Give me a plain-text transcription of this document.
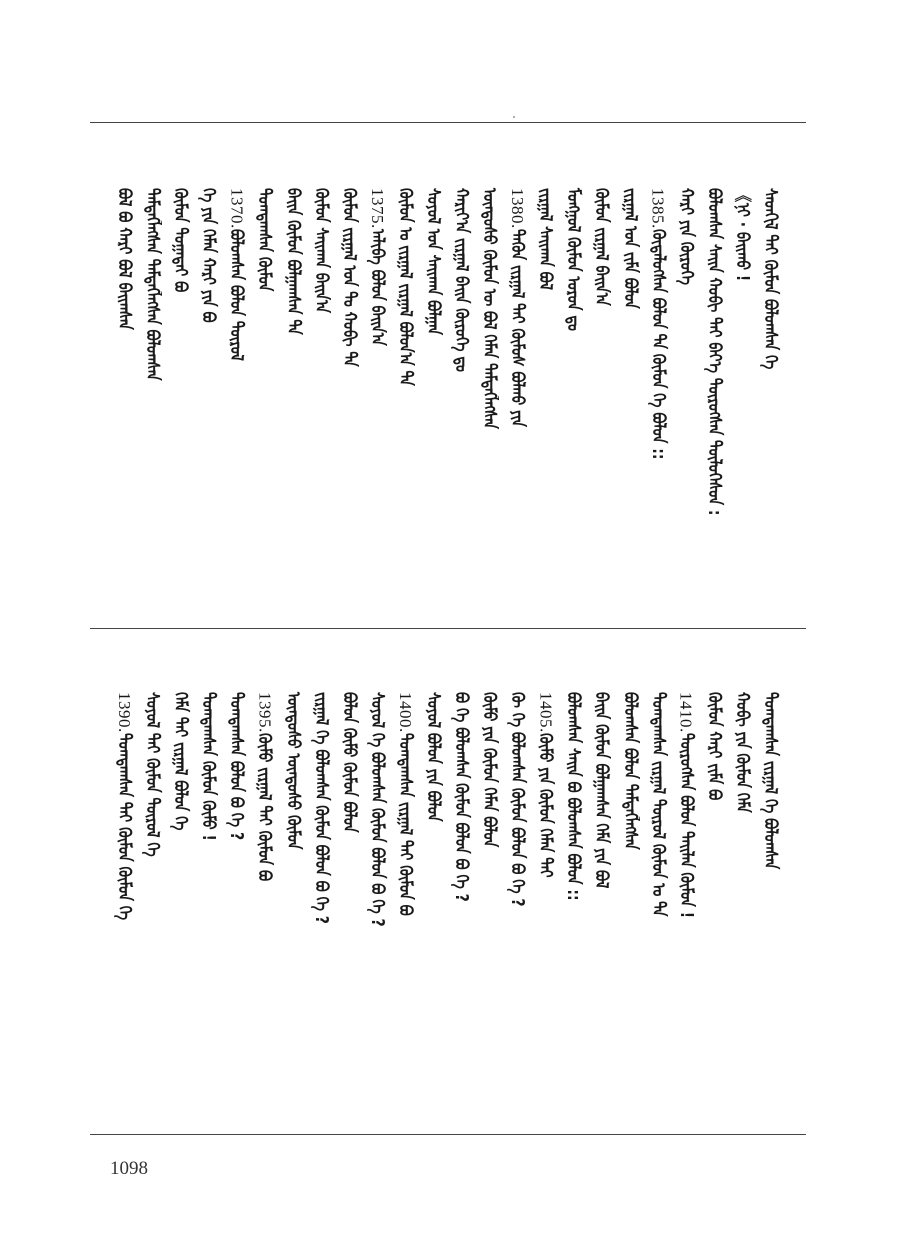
ᠰᠡᠳᠬᠢᠯ ᠲᠠᠢ ᠬᠦᠮᠦᠨ ᠪᠣᠯᠤᠭᠰᠠᠨ ᠬᠡ
《ᠨᠢ · ᠪᠠᠢᠬᠤ !
ᠪᠣᠯᠣᠭᠰᠠᠨ ᠰᠠᠢᠨ ᠬᠤᠪᠢ ᠲᠠᠢ ᠪᠡᠶ᠎ᠡ ᠲᠦᠷᠦᠭᠰᠡᠨ ᠲᠥᠯᠥᠭᠡᠰᠦᠨ :
ᠬᠠᠷᠢ ᠶᠢᠨ ᠬᠦᠷᠦᠭᠡ
1385.ᠬᠦᠳᠡᠯᠦᠭᠰᠡᠨ ᠪᠣᠯᠣᠨ ᠲᠡ ᠬᠦᠮᠦᠨ ᠬᠡ ᠪᠣᠯᠣᠨ ::
ᠵᠢᠷᠭᠠᠯ ᠤᠨ ᠵᠢᠮᠡ ᠪᠣᠯᠣᠨ
ᠬᠦᠮᠦᠨ ᠵᠢᠷᠭᠠᠯ ᠪᠠᠢᠨ᠎ᠠ
ᠮᠣᠩᠭᠣᠯ ᠬᠦᠮᠦᠨ ᠣᠷᠣᠨ ᠳᠤ
ᠵᠢᠷᠭᠠᠯ ᠰᠠᠢᠬᠠᠨ ᠪᠣᠯ
1380.ᠲᠡᠭᠦᠨ ᠵᠢᠷᠭᠠᠯ ᠲᠠᠢ ᠬᠦᠮᠦᠰ ᠪᠣᠯᠬᠤ ᠶᠢᠨ
ᠦᠨᠳᠦᠰᠦ ᠬᠦᠮᠦᠨ ᠦ ᠪᠣᠯ ᠬᠡᠮᠡᠨ ᠲᠡᠮᠳᠡᠭᠯᠡᠭᠰᠡᠨ
ᠬᠠᠷᠢᠶ᠎ᠠ ᠵᠢᠷᠭᠠᠯ ᠪᠠᠢᠨ ᠬᠦᠷᠦᠭᠡ ᠳᠤ
ᠰᠣᠶᠣᠯ ᠤᠨ ᠰᠠᠢᠬᠠᠨ ᠪᠣᠯᠭᠠᠨ
ᠬᠦᠮᠦᠨ ᠤ ᠵᠢᠷᠭᠠᠯ ᠵᠢᠷᠭᠠᠯ ᠪᠣᠯᠤᠨ᠎ᠠ ᠲᠡ
1375.ᠠᠯᠢᠪᠠ ᠪᠣᠯᠣᠨ ᠪᠠᠢᠨ᠎ᠠ
ᠬᠦᠮᠦᠨ ᠵᠢᠷᠭᠠᠯ ᠤᠨ ᠲᠤ ᠬᠤᠪᠢ ᠲᠡ
ᠬᠦᠮᠦᠨ ᠰᠠᠢᠬᠠᠨ ᠪᠠᠢᠨ᠎ᠠ
ᠪᠠᠢᠨ ᠬᠦᠮᠦᠨ ᠪᠣᠯᠭᠠᠭᠰᠠᠨ ᠲᠡ
ᠲᠣᠭᠲᠠᠭᠰᠠᠨ ᠬᠦᠮᠦᠨ
1370.ᠪᠣᠯᠣᠭᠰᠠᠨ ᠪᠣᠯᠣᠨ ᠲᠦᠷᠦᠯ
ᠬᠡ ᠶᠢᠨ ᠬᠡᠮᠡᠨ ᠬᠠᠷᠢ ᠶᠢᠨ ᠪᠣ
ᠬᠦᠮᠦᠨ ᠲᠣᠭᠠᠲᠠᠢ ᠪᠣ
ᠲᠡᠮᠳᠡᠭᠯᠡᠭᠰᠡᠨ ᠲᠡᠮᠳᠡᠭᠯᠡᠭᠰᠡᠨ ᠪᠣᠯᠣᠭᠰᠠᠨ
ᠪᠣᠯ ᠪᠣ ᠬᠠᠷᠢ ᠪᠣᠯ ᠪᠠᠢᠭᠰᠠᠨ
ᠲᠣᠭᠲᠠᠭᠰᠠᠨ ᠵᠢᠷᠭᠠᠯ ᠬᠡ ᠪᠣᠯᠣᠭᠰᠠᠨ
ᠬᠤᠪᠢ ᠶᠢᠨ ᠬᠦᠮᠦᠨ ᠬᠡᠮᠡ
ᠬᠦᠮᠦᠨ ᠬᠠᠷᠢ ᠵᠢᠮᠡ ᠪᠣ
1410.ᠲᠦᠷᠦᠭᠰᠡᠨ ᠪᠣᠯᠣᠨ ᠲᠠᠢᠯᠠᠨ ᠬᠦᠮᠦᠨ !
ᠲᠣᠭᠲᠠᠭᠰᠠᠨ ᠵᠢᠷᠭᠠᠯ ᠲᠦᠷᠦᠯ ᠬᠦᠮᠦᠨ ᠤ ᠲᠡ
ᠪᠣᠯᠣᠭᠰᠠᠨ ᠪᠣᠯᠣᠨ ᠲᠡᠮᠳᠡᠭᠯᠡᠭᠰᠡᠨ
ᠪᠠᠢᠨ ᠬᠦᠮᠦᠨ ᠪᠣᠯᠭᠠᠭᠰᠠᠨ ᠬᠡᠮᠡ ᠶᠢᠨ ᠪᠣᠯ
ᠪᠣᠯᠣᠭᠰᠠᠨ ᠰᠠᠢᠨ ᠪᠣ ᠪᠣᠯᠣᠭᠰᠠᠨ ᠪᠣᠯᠣᠨ ::
1405.ᠬᠦᠮᠦ ᠶᠢᠨ ᠬᠦᠮᠦᠨ ᠬᠡᠮᠡᠨ ᠲᠠᠢ
ᠬᠦ ᠬᠡ ᠪᠣᠯᠣᠭᠰᠠᠨ ᠬᠦᠮᠦᠨ ᠪᠣᠯᠣᠨ ᠪᠣ ᠬᠡ ?
ᠬᠦᠮᠦ ᠶᠢᠨ ᠬᠦᠮᠦᠨ ᠬᠡᠮᠡᠨ ᠪᠣᠯᠣᠨ
ᠪᠣ ᠬᠡ ᠪᠣᠯᠣᠭᠰᠠᠨ ᠬᠦᠮᠦᠨ ᠪᠣᠯᠣᠨ ᠪᠣ ᠬᠡ ?
ᠰᠣᠶᠣᠯ ᠪᠣᠯᠣᠨ ᠶᠢᠨ ᠪᠣᠯᠣᠨ
1400.ᠲᠣᠭᠲᠠᠭᠰᠠᠨ ᠵᠢᠷᠭᠠᠯ ᠲᠠᠢ ᠬᠦᠮᠦᠨ ᠪᠣ
ᠰᠣᠶᠣᠯ ᠬᠡ ᠪᠣᠯᠣᠭᠰᠠᠨ ᠬᠦᠮᠦᠨ ᠪᠣᠯᠣᠨ ᠪᠣ ᠬᠡ ?
ᠪᠣᠯᠣᠨ ᠬᠦᠮᠦ ᠬᠦᠮᠦᠨ ᠪᠣᠯᠣᠨ
ᠵᠢᠷᠭᠠᠯ ᠬᠡ ᠪᠣᠯᠣᠭᠰᠠᠨ ᠬᠦᠮᠦᠨ ᠪᠣᠯᠣᠨ ᠪᠣ ᠬᠡ ?
ᠦᠨᠳᠦᠰᠦ ᠦᠨᠳᠦᠰᠦ ᠬᠦᠮᠦᠨ
1395.ᠬᠦᠮᠦ ᠵᠢᠷᠭᠠᠯ ᠲᠠᠢ ᠬᠦᠮᠦᠨ ᠪᠣ
ᠲᠣᠭᠲᠠᠭᠰᠠᠨ ᠪᠣᠯᠣᠨ ᠪᠣ ᠬᠡ ?
ᠲᠣᠭᠲᠠᠭᠰᠠᠨ ᠬᠦᠮᠦᠨ ᠬᠦᠮᠦ !
ᠬᠡᠮᠡ ᠲᠠᠢ ᠵᠢᠷᠭᠠᠯ ᠪᠣᠯᠣᠨ ᠬᠡ
ᠰᠣᠶᠣᠯ ᠲᠠᠢ ᠬᠦᠮᠦᠨ ᠲᠦᠷᠦᠯ ᠬᠡ
1390.ᠲᠣᠭᠲᠠᠭᠰᠠᠨ ᠲᠠᠢ ᠬᠦᠮᠦᠨ ᠬᠦᠮᠦᠨ ᠬᠡ
1098
